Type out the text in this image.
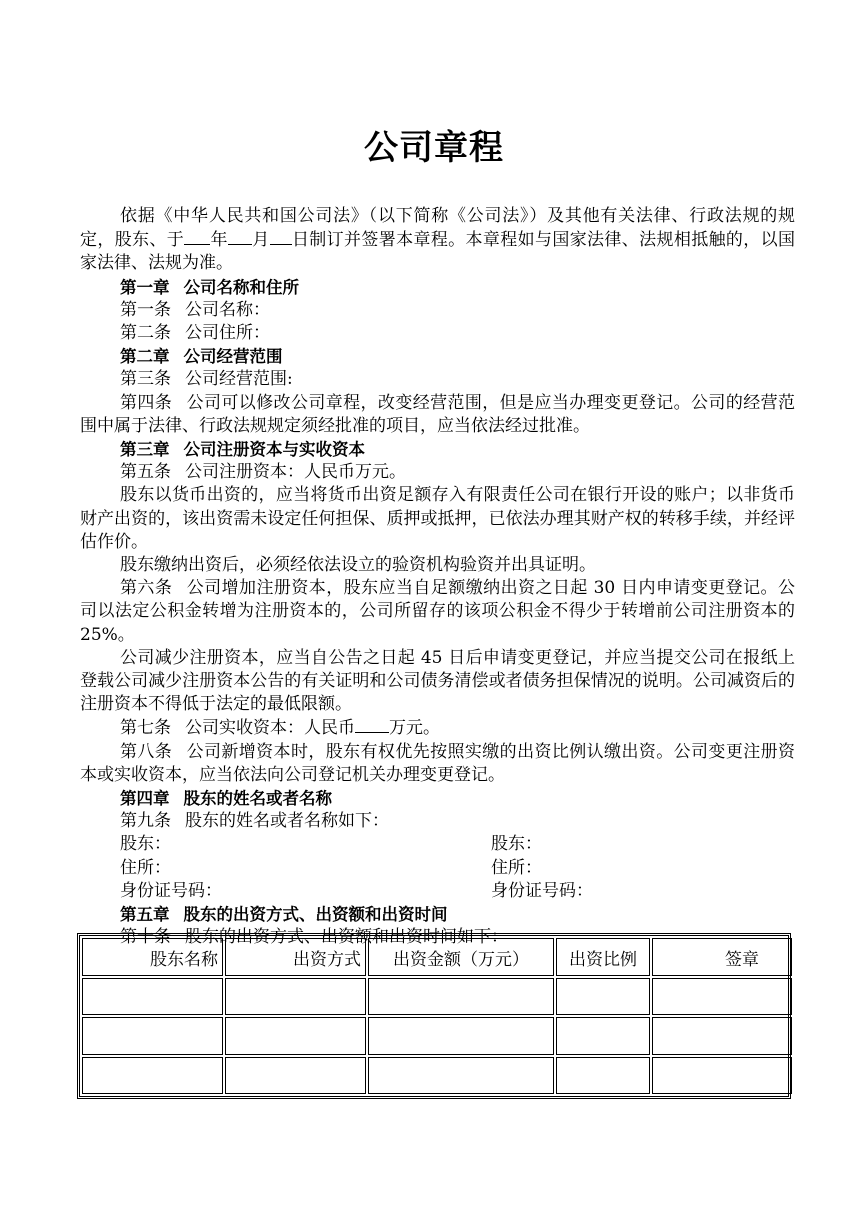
公司章程

依据《中华人民共和国公司法》（以下简称《公司法》）及其他有关法律、行政法规的规定，股东、于 年 月 日制订并签署本章程。本章程如与国家法律、法规相抵触的，以国家法律、法规为准。

第一章 公司名称和住所

第一条 公司名称：

第二条 公司住所：

第二章 公司经营范围

第三条 公司经营范围:

第四条 公司可以修改公司章程，改变经营范围，但是应当办理变更登记。公司的经营范围中属于法律、行政法规规定须经批准的项目，应当依法经过批准。

第三章 公司注册资本与实收资本

第五条 公司注册资本：人民币万元。

股东以货币出资的，应当将货币出资足额存入有限责任公司在银行开设的账户；以非货币财产出资的，该出资需未设定任何担保、质押或抵押，已依法办理其财产权的转移手续，并经评估作价。

股东缴纳出资后，必须经依法设立的验资机构验资并出具证明。

第六条 公司增加注册资本，股东应当自足额缴纳出资之日起 30 日内申请变更登记。公司以法定公积金转增为注册资本的，公司所留存的该项公积金不得少于转增前公司注册资本的 25%。

公司减少注册资本，应当自公告之日起 45 日后申请变更登记，并应当提交公司在报纸上登载公司减少注册资本公告的有关证明和公司债务清偿或者债务担保情况的说明。公司减资后的注册资本不得低于法定的最低限额。

第七条 公司实收资本：人民币 万元。

第八条 公司新增资本时，股东有权优先按照实缴的出资比例认缴出资。公司变更注册资本或实收资本，应当依法向公司登记机关办理变更登记。

第四章 股东的姓名或者名称

第九条 股东的姓名或者名称如下：

股东：	股东：
住所：	住所：
身份证号码：	身份证号码：

第五章 股东的出资方式、出资额和出资时间

第十条 股东的出资方式、出资额和出资时间如下：

股东名称	出资方式	出资金额（万元）	出资比例	签章
